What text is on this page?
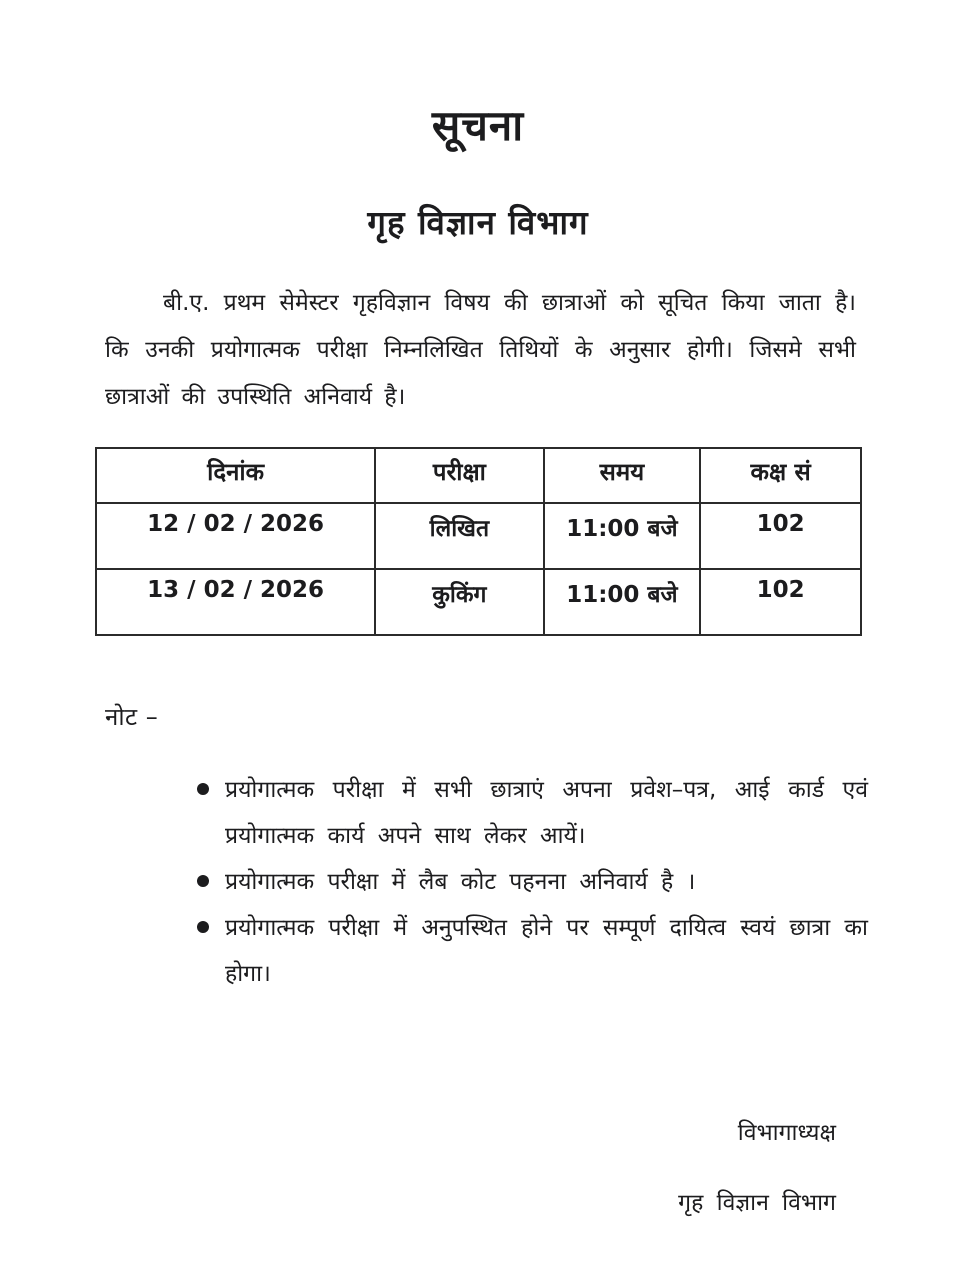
सूचना
गृह विज्ञान विभाग

बी.ए. प्रथम सेमेस्टर गृहविज्ञान विषय की छात्राओं को सूचित किया जाता है। कि उनकी प्रयोगात्मक परीक्षा निम्नलिखित तिथियों के अनुसार होगी। जिसमे सभी छात्राओं की उपस्थिति अनिवार्य है।

दिनांक	परीक्षा	समय	कक्ष सं
12 / 02 / 2026	लिखित	11:00 बजे	102
13 / 02 / 2026	कुकिंग	11:00 बजे	102
नोट –
प्रयोगात्मक परीक्षा में सभी छात्राएं अपना प्रवेश–पत्र, आई कार्ड एवं प्रयोगात्मक कार्य अपने साथ लेकर आयें।
प्रयोगात्मक परीक्षा में लैब कोट पहनना अनिवार्य है ।
प्रयोगात्मक परीक्षा में अनुपस्थित होने पर सम्पूर्ण दायित्व स्वयं छात्रा का होगा।
विभागाध्यक्ष
गृह विज्ञान विभाग
